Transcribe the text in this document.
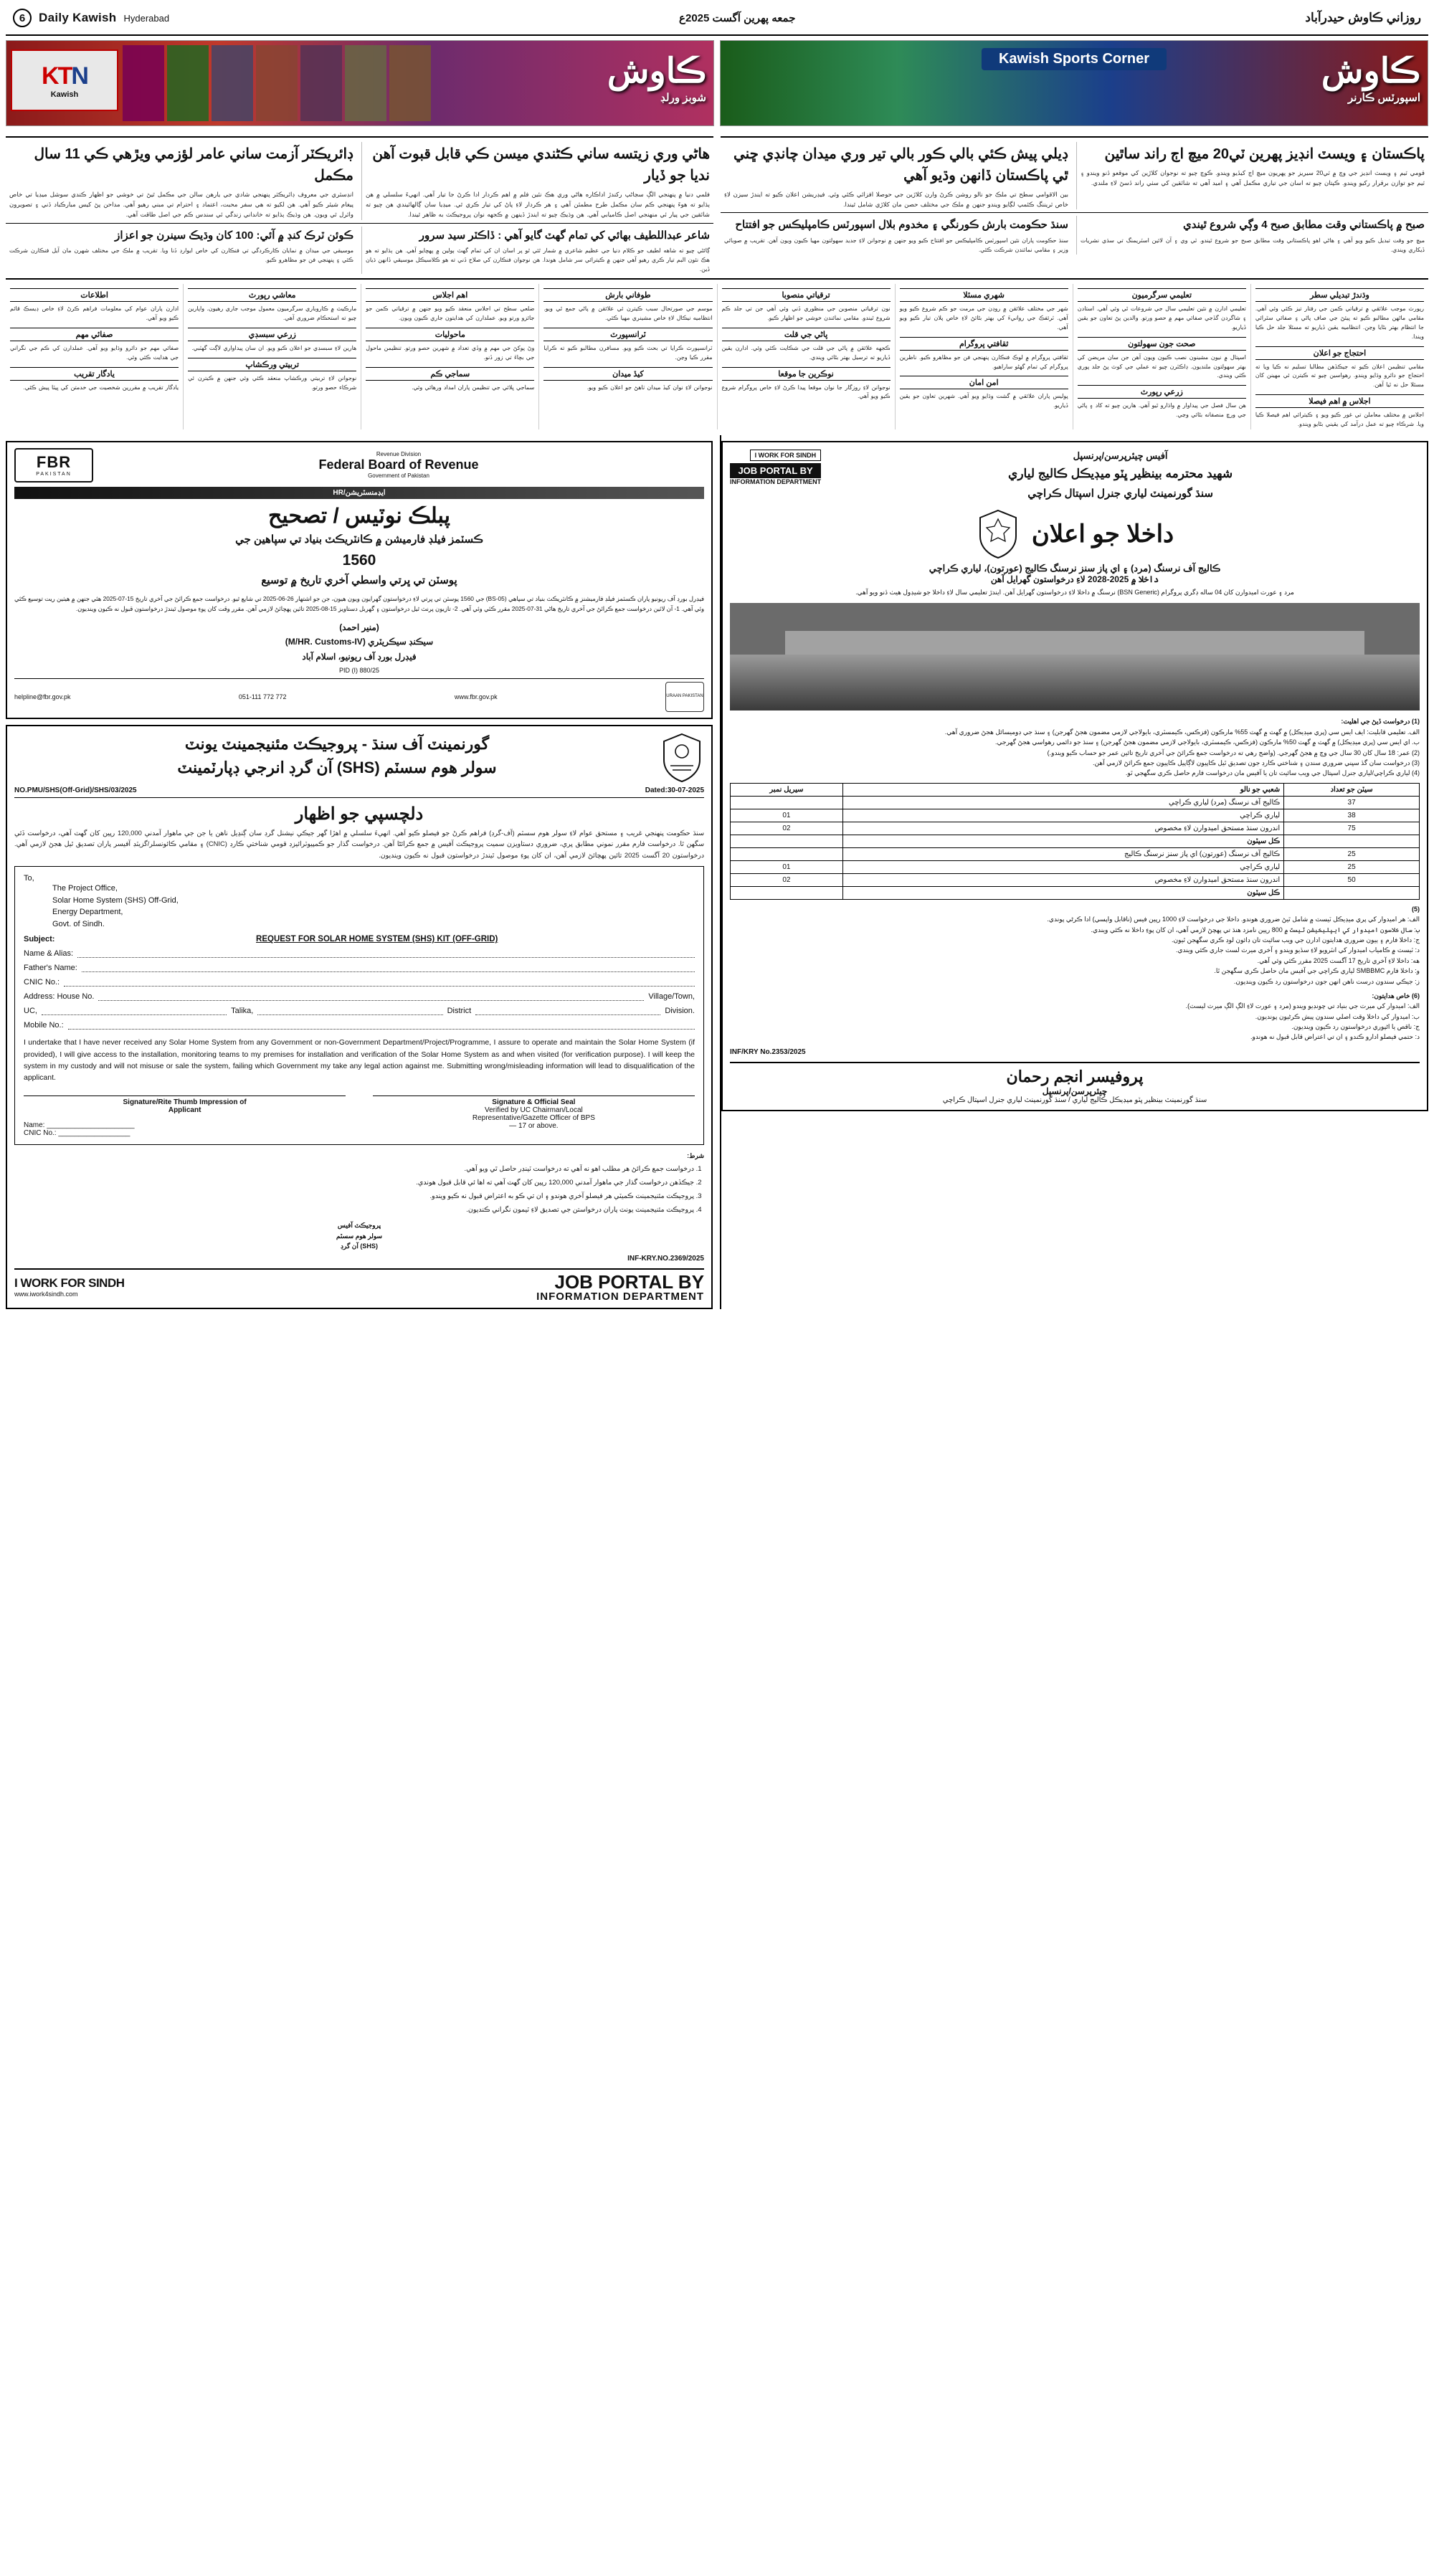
6	Daily Kawish Hyderabad	جمعه پهرين آگست 2025ع	روزاني ڪاوش حيدرآباد
KTN
Kawish
ڪاوش
شوبز ورلڊ
Kawish Sports Corner	ڪاوش
اسپورٽس ڪارنر
هاڻي وري زيتسه ساني ڪڻندي ميسن ڪي قابل قبوت آهن نديا جو ڏيار
فلمي دنيا ۾ پنهنجي الڳ سڃاڻپ رکندڙ اداڪاره هاڻي وري هڪ نئين فلم ۾ اهم ڪردار ادا ڪرڻ جا تيار آهي. انهيءَ سلسلي ۾ هن ٻڌايو ته هوءَ پنهنجي ڪم سان مڪمل طرح مطمئن آهي ۽ هر ڪردار لاءِ پاڻ کي تيار ڪري ٿي. ميڊيا سان ڳالهائيندي هن چيو ته شائقين جي پيار ئي منهنجي اصل ڪاميابي آهي. هن وڌيڪ چيو ته ايندڙ ڏينهن ۾ ڪجهه نوان پروجيڪٽ به ظاهر ٿيندا.
ڊائريڪٽر آزمت ساني عامر لؤزمي ويڙهي ڪي 11 سال مڪمل
انڊسٽري جي معروف ڊائريڪٽر پنهنجي شادي جي يارهن سالن جي مڪمل ٿيڻ تي خوشي جو اظهار ڪندي سوشل ميڊيا تي خاص پيغام شيئر ڪيو آهي. هن لکيو ته هي سفر محبت، اعتماد ۽ احترام تي مبني رهيو آهي. مداحن پڻ کيس مبارڪباد ڏني ۽ تصويرون وائرل ٿي ويون. هن وڌيڪ ٻڌايو ته خانداني زندگي ئي سندس ڪم جي اصل طاقت آهي.
شاعر عبداللطيف بهائي کي تمام گهٽ گايو آهي : ڏاڪٽر سيد سرور
ڳائڻي چيو ته شاهه لطيف جو ڪلام دنيا جي عظيم شاعري ۾ شمار ٿئي ٿو پر اسان ان کي تمام گهٽ ٻولين ۾ پهچايو آهي. هن ٻڌايو ته هو هڪ نئون البم تيار ڪري رهيو آهي جنهن ۾ ڪيترائي سر شامل هوندا. هن نوجوان فنڪارن کي صلاح ڏني ته هو ڪلاسيڪل موسيقي ڏانهن ڌيان ڏين.
ڪوئن ٽرڪ کنڊ ۾ آئي: 100 کان وڌيڪ سينرن جو اعزاز
موسيقي جي ميدان ۾ نمايان ڪارڪردگي تي فنڪارن کي خاص ايوارڊ ڏنا ويا. تقريب ۾ ملڪ جي مختلف شهرن مان آيل فنڪارن شرڪت ڪئي ۽ پنهنجي فن جو مظاهرو ڪيو.
پاڪستان ۽ ويسٽ انڊيز پهرين ٽي20 ميچ اڄ راند ساٿين
قومي ٽيم ۽ ويسٽ انڊيز جي وچ ۾ ٽي20 سيريز جو پهريون ميچ اڄ کيڏيو ويندو. ڪوچ چيو ته نوجوان کلاڙين کي موقعو ڏنو ويندو ۽ ٽيم جو توازن برقرار رکيو ويندو. ڪپتان چيو ته اسان جي تياري مڪمل آهي ۽ اميد آهي ته شائقين کي سٺي راند ڏسڻ لاءِ ملندي.
ڊيلي پيش ڪئي بالي ڪور بالي تير وري ميدان چانڊي ڇني ٿي پاڪستان ڏانهن وڌيو آهي
بين الاقوامي سطح تي ملڪ جو نالو روشن ڪرڻ وارن کلاڙين جي حوصلا افزائي ڪئي وئي. فيڊريشن اعلان ڪيو ته ايندڙ سيزن لاءِ خاص ٽريننگ ڪئمپ لڳايو ويندو جنهن ۾ ملڪ جي مختلف حصن مان کلاڙي شامل ٿيندا.
صبح ۾ پاڪستاني وقت مطابق صبح 4 وڳي شروع ٿيندي
ميچ جو وقت تبديل ڪيو ويو آهي ۽ هاڻي اهو پاڪستاني وقت مطابق صبح جو شروع ٿيندو. ٽي وي ۽ آن لائين اسٽريمنگ تي سڌي نشريات ڏيکاري ويندي.
سنڌ حڪومت بارش ڪورنگي ۽ مخدوم بلال اسپورٽس ڪامپليڪس جو افتتاح
سنڌ حڪومت پاران نئين اسپورٽس ڪامپليڪس جو افتتاح ڪيو ويو جنهن ۾ نوجوانن لاءِ جديد سهولتون مهيا ڪيون ويون آهن. تقريب ۾ صوبائي وزير ۽ مقامي نمائندن شرڪت ڪئي.
وڌندڙ تبديلي سطر
رپورٽ موجب علائقي ۾ ترقياتي ڪمن جي رفتار تيز ڪئي وئي آهي. مقامي ماڻهن مطالبو ڪيو ته پيئڻ جي صاف پاڻي ۽ صفائي سٿرائي جا انتظام بهتر بڻايا وڃن. انتظاميه يقين ڏياريو ته مسئلا جلد حل ڪيا ويندا.
احتجاج جو اعلان
مقامي تنظيمن اعلان ڪيو ته جيڪڏهن مطالبا تسليم نه ڪيا ويا ته احتجاج جو دائرو وڌايو ويندو. رهواسين چيو ته ڪيترن ئي مهينن کان مسئلا حل نه ٿيا آهن.
اجلاس ۾ اهم فيصلا
اجلاس ۾ مختلف معاملن تي غور ڪيو ويو ۽ ڪيترائي اهم فيصلا ڪيا ويا. شرڪاء چيو ته عمل درآمد کي يقيني بڻايو ويندو.
تعليمي سرگرميون
تعليمي ادارن ۾ نئين تعليمي سال جي شروعات ٿي وئي آهي. استادن ۽ شاگردن گڏجي صفائي مهم ۾ حصو ورتو. والدين پڻ تعاون جو يقين ڏياريو.
صحت جون سهولتون
اسپتال ۾ نيون مشينون نصب ڪيون ويون آهن جن سان مريضن کي بهتر سهولتون ملنديون. ڊاڪٽرن چيو ته عملي جي کوٽ پڻ جلد پوري ڪئي ويندي.
زرعي رپورٽ
هن سال فصل جي پيداوار ۾ واڌارو ٿيو آهي. هارين چيو ته کاد ۽ پاڻي جي ورڇ منصفانه بڻائي وڃي.
شهري مسئلا
شهر جي مختلف علائقن ۾ روڊن جي مرمت جو ڪم شروع ڪيو ويو آهي. ٽرئفڪ جي روانيءَ کي بهتر بڻائڻ لاءِ خاص پلان تيار ڪيو ويو آهي.
ثقافتي پروگرام
ثقافتي پروگرام ۾ لوڪ فنڪارن پنهنجي فن جو مظاهرو ڪيو. ناظرين پروگرام کي تمام گهڻو ساراهيو.
امن امان
پوليس پاران علائقي ۾ گشت وڌايو ويو آهي. شهرين تعاون جو يقين ڏياريو.
ترقياتي منصوبا
نون ترقياتي منصوبن جي منظوري ڏني وئي آهي جن تي جلد ڪم شروع ٿيندو. مقامي نمائندن خوشي جو اظهار ڪيو.
پاڻي جي قلت
ڪجهه علائقن ۾ پاڻي جي قلت جي شڪايت ڪئي وئي. ادارن يقين ڏياريو ته ترسيل بهتر بڻائي ويندي.
نوڪرين جا موقعا
نوجوانن لاءِ روزگار جا نوان موقعا پيدا ڪرڻ لاءِ خاص پروگرام شروع ڪيو ويو آهي.
طوفاني بارش
موسم جي صورتحال سبب ڪيترن ئي علائقن ۾ پاڻي جمع ٿي ويو. انتظاميه نيڪال لاءِ خاص مشينري مهيا ڪئي.
ٽرانسپورٽ
ٽرانسپورٽ ڪرايا تي بحث ڪيو ويو. مسافرن مطالبو ڪيو ته ڪرايا مقرر ڪيا وڃن.
کيڏ ميدان
نوجوانن لاءِ نوان کيڏ ميدان ٺاهڻ جو اعلان ڪيو ويو.
اهم اجلاس
ضلعي سطح تي اجلاس منعقد ڪيو ويو جنهن ۾ ترقياتي ڪمن جو جائزو ورتو ويو. عملدارن کي هدايتون جاري ڪيون ويون.
ماحوليات
وڻ پوکڻ جي مهم ۾ وڏي تعداد ۾ شهرين حصو ورتو. تنظيمن ماحول جي بچاءَ تي زور ڏنو.
سماجي ڪم
سماجي ڀلائي جي تنظيمن پاران امداد ورهائي وئي.
معاشي رپورٽ
مارڪيٽ ۾ ڪاروباري سرگرميون معمول موجب جاري رهيون. واپارين چيو ته استحڪام ضروري آهي.
زرعي سبسڊي
هارين لاءِ سبسڊي جو اعلان ڪيو ويو. ان سان پيداواري لاڳت گهٽبي.
تربيتي ورڪشاپ
نوجوانن لاءِ تربيتي ورڪشاپ منعقد ڪئي وئي جنهن ۾ ڪيترن ئي شرڪاء حصو ورتو.
اطلاعات
ادارن پاران عوام کي معلومات فراهم ڪرڻ لاءِ خاص ڊيسڪ قائم ڪيو ويو آهي.
صفائي مهم
صفائي مهم جو دائرو وڌايو ويو آهي. عملدارن کي ڪم جي نگراني جي هدايت ڪئي وئي.
يادگار تقريب
يادگار تقريب ۾ مقررين شخصيت جي خدمتن کي ڀيٽا پيش ڪئي.
FBR
PAKISTAN
Revenue Division
Federal Board of Revenue
Government of Pakistan
ايڊمنسٽريشن/HR
پبلڪ نوٽيس / تصحيح
ڪسٽمز فيلڊ فارميشن ۾ ڪانٽريڪٽ بنياد تي سپاهين جي
1560
پوسٽن تي ڀرتي واسطي آخري تاريخ ۾ توسيع
فيڊرل بورڊ آف ريونيو پاران ڪسٽمز فيلڊ فارميشنز ۾ ڪانٽريڪٽ بنياد تي سپاهي (BS-05) جي 1560 پوسٽن تي ڀرتي لاءِ درخواستون گهرايون ويون هيون، جن جو اشتهار 26-06-2025 تي شايع ٿيو. درخواست جمع ڪرائڻ جي آخري تاريخ 15-07-2025 هئي جنهن ۾ هيٺين ريت توسيع ڪئي وئي آهي. 1- آن لائين درخواست جمع ڪرائڻ جي آخري تاريخ هاڻي 31-07-2025 مقرر ڪئي وئي آهي. 2- تازيون پرنٽ ٿيل درخواستون ۽ گهربل دستاويز 15-08-2025 تائين پهچائڻ لازمي آهن. مقرر وقت کان پوءِ موصول ٿيندڙ درخواستون قبول نه ڪيون وينديون.
(منير احمد)
سيڪنڊ سيڪريٽري (M/HR. Customs-IV)
فيڊرل بورڊ آف ريونيو، اسلام آباد
PID (I) 880/25
helpline@fbr.gov.pk	051-111 772 772	www.fbr.gov.pk	URAAN PAKISTAN
گورنمينٽ آف سنڌ - پروجيڪٽ مئنيجمينٽ يونٽ
سولر هوم سسٽم (SHS) آن گرڊ انرجي ڊپارٽمينٽ
NO.PMU/SHS(Off-Grid)/SHS/03/2025	Dated:30-07-2025
دلچسپي جو اظهار
سنڌ حڪومت پنهنجي غريب ۽ مستحق عوام لاءِ سولر هوم سسٽم (آف-گرڊ) فراهم ڪرڻ جو فيصلو ڪيو آهي. انهيءَ سلسلي ۾ اهڙا گهر جيڪي نيشنل گرڊ سان ڳنڍيل ناهن يا جن جي ماهوار آمدني 120,000 رپين کان گهٽ آهي، درخواست ڏئي سگهن ٿا. درخواست فارم مقرر نموني مطابق ڀري، ضروري دستاويزن سميت پروجيڪٽ آفيس ۾ جمع ڪرائڻا آهن. درخواست گذار جو ڪمپيوٽرائيزڊ قومي شناختي ڪارڊ (CNIC) ۽ مقامي ڪائونسلر/گزيٽڊ آفيسر پاران تصديق ٿيل هجڻ لازمي آهي. درخواستون 20 آگسٽ 2025 تائين پهچائڻ لازمي آهن، ان کان پوءِ موصول ٿيندڙ درخواستون قبول نه ڪيون وينديون.
To,
The Project Office,
Solar Home System (SHS) Off-Grid,
Energy Department,
Govt. of Sindh.
Subject:	REQUEST FOR SOLAR HOME SYSTEM (SHS) KIT (OFF-GRID)
Name & Alias:
Father's Name:
CNIC No.:
Address: House No.	Village/Town,
UC,	Talika,	District	Division.
Mobile No.:
I undertake that I have never received any Solar Home System from any Government or non-Government Department/Project/Programme, I assure to operate and maintain the Solar Home System (if provided), I will give access to the installation, monitoring teams to my premises for installation and verification of the Solar Home System as and when visited (for verification purpose). I will keep the system in my custody and will not misuse or sale the system, failing which Government my take any legal action against me. Submitting wrong/misleading information will lead to disqualification of the applicant.
Signature/Rite Thumb Impression of
Applicant
Name: ______________________
CNIC No.: __________________
Signature & Official Seal
Verified by UC Chairman/Local
Representative/Gazette Officer of BPS
— 17 or above.
شرط:
1. درخواست جمع ڪرائڻ هر مطلب اهو نه آهي ته درخواست ٽينڊر حاصل ٿي ويو آهي.
2. جيڪڏهن درخواست گذار جي ماهوار آمدني 120,000 رپين کان گهٽ آهي ته اها ئي قابل قبول هوندي.
3. پروجيڪٽ مئنيجمينٽ ڪميٽي هر فيصلو آخري هوندو ۽ ان تي ڪو به اعتراض قبول نه ڪيو ويندو.
4. پروجيڪٽ مئنيجمينٽ يونٽ پاران درخواستن جي تصديق لاءِ ٽيمون نگراني ڪنديون.
پروجيڪٽ آفيس
سولر هوم سسٽم
(SHS) آن گرڊ
INF-KRY.NO.2369/2025
I WORK FOR SINDH
www.iwork4sindh.com
JOB PORTAL BY
INFORMATION DEPARTMENT
I WORK FOR SINDH
JOB PORTAL BY
INFORMATION DEPARTMENT
آفيس چيئرپرسن/پرنسپل
شهيد محترمه بينظير ڀٽو ميڊيڪل ڪاليج لياري
سنڌ گورنمينٽ لياري جنرل اسپتال ڪراچي
داخلا جو اعلان
ڪاليج آف نرسنگ (مرد) ۽ اي پاز سنز نرسنگ ڪاليج (عورتون)، لياري ڪراچي
داخلا ۾ 2025-2028 لاءِ درخواستون گهرايل آهن
مرد ۽ عورت اميدوارن کان 04 ساله ڊگري پروگرام (BSN Generic) نرسنگ ۾ داخلا لاءِ درخواستون گهرايل آهن. ايندڙ تعليمي سال لاءِ داخلا جو شيڊول هيٺ ڏنو ويو آهي.
(1) درخواست ڏيڻ جي اهليت:
الف. تعليمي قابليت: ايف ايس سي (پري ميڊيڪل) ۾ گهٽ ۾ گهٽ 55% مارڪون (فزڪس، ڪيمسٽري، بايولاجي لازمي مضمون هجڻ گهرجن) ۽ سنڌ جي ڊوميسائل هجڻ ضروري آهي.
ب. اي ايس سي (پري ميڊيڪل) ۾ گهٽ ۾ گهٽ 50% مارڪون (فزڪس، ڪيمسٽري، بايولاجي لازمي مضمون هجڻ گهرجن) ۽ سنڌ جو دائمي رهواسي هجڻ گهرجي.
(2) عمر: 18 سال کان 30 سال جي وچ ۾ هجڻ گهرجي. (واضح رهي ته درخواست جمع ڪرائڻ جي آخري تاريخ تائين عمر جو حساب ڪيو ويندو.)
(3) درخواست سان گڏ سڀني ضروري سندن ۽ شناختي ڪارڊ جون تصديق ٿيل ڪاپيون لاڳاپيل ڪاپيون جمع ڪرائڻ لازمي آهن.
(4) لياري ڪراچي/لياري جنرل اسپتال جي ويب سائيٽ تان يا آفيس مان درخواست فارم حاصل ڪري سگهجي ٿو.
سيٽن جو تعداد	شعبي جو نالو	سيريل نمبر
37	ڪاليج آف نرسنگ (مرد) لياري ڪراچي	
38	لياري ڪراچي	01
75	اندرون سنڌ مستحق اميدوارن لاءِ مخصوص	02
	ڪل سيٽون	
25	ڪاليج آف نرسنگ (عورتون) اي پاز سنز نرسنگ ڪاليج	
25	لياري ڪراچي	01
50	اندرون سنڌ مستحق اميدوارن لاءِ مخصوص	02
	ڪل سيٽون	
(5)
الف: هر اميدوار کي پري ميڊيڪل ٽيسٽ ۾ شامل ٿيڻ ضروري هوندو. داخلا جي درخواست لاءِ 1000 رپين فيس (ناقابل واپسي) ادا ڪرڻي پوندي.
ب: سال ڪلاسون اميدوار کي ايپليڪيشن ٽيسٽ ۾ 800 رپين نامزد هنڌ تي پهچڻ لازمي آهي، ان کان پوءِ داخلا نه ڪئي ويندي.
ج: داخلا فارم ۽ ٻيون ضروري هدايتون ادارن جي ويب سائيٽ تان ڊائون لوڊ ڪري سگهجن ٿيون.
د: ٽيسٽ ۾ ڪامياب اميدوار کي انٽرويو لاءِ سڏيو ويندو ۽ آخري ميرٽ لسٽ جاري ڪئي ويندي.
هه: داخلا لاءِ آخري تاريخ 17 آگسٽ 2025 مقرر ڪئي وئي آهي.
و: داخلا فارم SMBBMC لياري ڪراچي جي آفيس مان حاصل ڪري سگهجن ٿا.
ز: جيڪي سندون درست ناهن انهن جون درخواستون رد ڪيون وينديون.
(6) خاص هدايتون:
الف: اميدوار کي ميرٽ جي بنياد تي چونڊيو ويندو (مرد ۽ عورت لاءِ الڳ الڳ ميرٽ ليسٽ).
ب: اميدوار کي داخلا وقت اصلي سندون پيش ڪرڻيون پونديون.
ج: ناقص يا اڻپوري درخواستون رد ڪيون وينديون.
د: حتمي فيصلو ادارو ڪندو ۽ ان تي اعتراض قابل قبول نه هوندو.
INF/KRY No.2353/2025
پروفيسر انجم رحمان
چيئرپرسن/پرنسپل
سنڌ گورنمينٽ بينظير ڀٽو ميڊيڪل ڪاليج لياري / سنڌ گورنمينٽ لياري جنرل اسپتال ڪراچي
